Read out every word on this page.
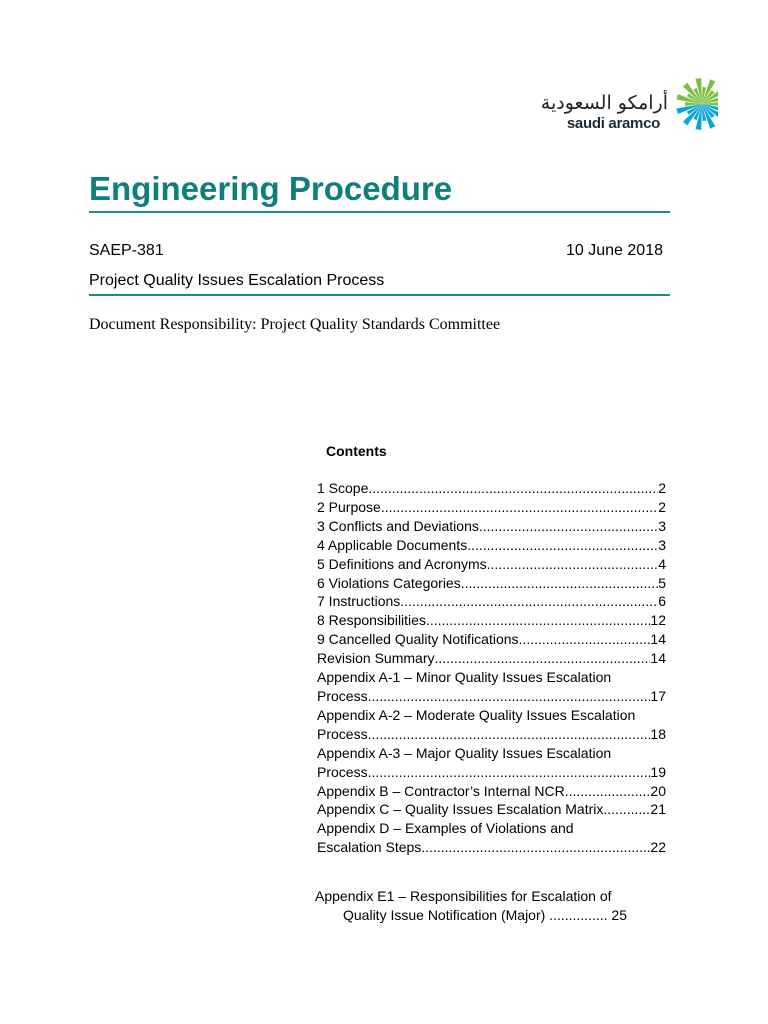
أرامكو السعودية
saudi aramco
Engineering Procedure
SAEP-381	10 June 2018
Project Quality Issues Escalation Process
Document Responsibility: Project Quality Standards Committee
Contents
1 Scope .....	2
2 Purpose .....	2
3 Conflicts and Deviations .....	3
4 Applicable Documents .....	3
5 Definitions and Acronyms .....	4
6 Violations Categories .....	5
7 Instructions .....	6
8 Responsibilities .....	12
9 Cancelled Quality Notifications .....	14
Revision Summary .....	14
Appendix A-1 – Minor Quality Issues Escalation
Process .....	17
Appendix A-2 – Moderate Quality Issues Escalation
Process .....	18
Appendix A-3 – Major Quality Issues Escalation
Process .....	19
Appendix B – Contractor’s Internal NCR .....	20
Appendix C – Quality Issues Escalation Matrix .....	21
Appendix D – Examples of Violations and
Escalation Steps .....	22
Appendix E1 – Responsibilities for Escalation of
Quality Issue Notification (Major) ............... 25
